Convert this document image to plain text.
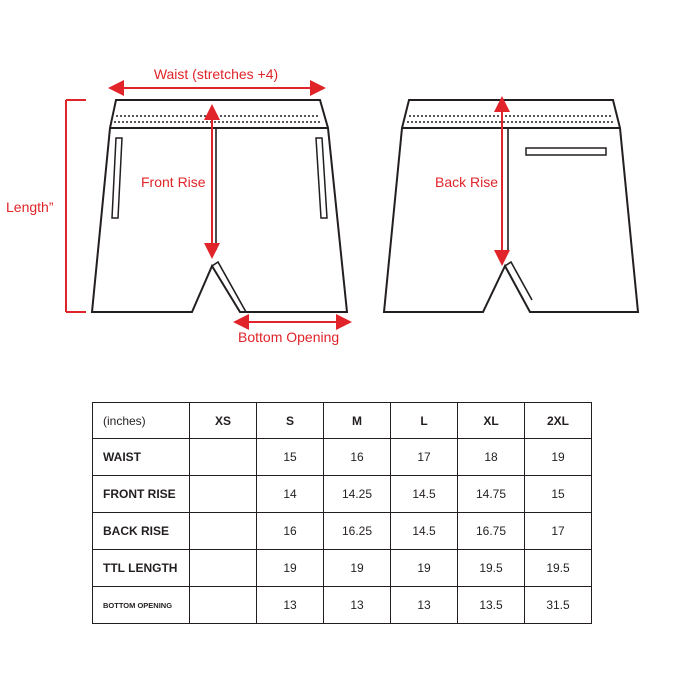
Waist (stretches +4)
Length”
Front Rise	Back Rise
Bottom Opening
(inches)	XS	S	M	L	XL	2XL
WAIST		15	16	17	18	19
FRONT RISE		14	14.25	14.5	14.75	15
BACK RISE		16	16.25	14.5	16.75	17
TTL LENGTH		19	19	19	19.5	19.5
BOTTOM OPENING		13	13	13	13.5	31.5
